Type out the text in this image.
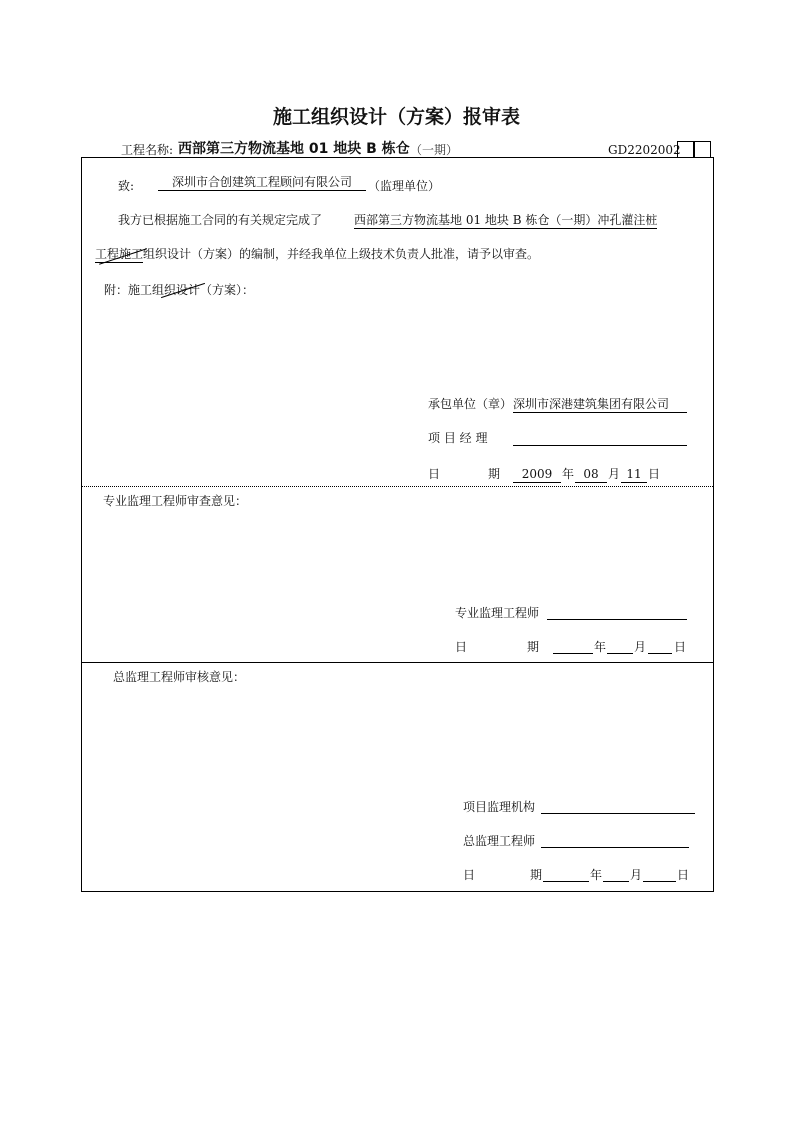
施工组织设计（方案）报审表
工程名称: 西部第三方物流基地 01 地块 B 栋仓 （一期）	GD2202002
致:	深圳市合创建筑工程顾问有限公司	（监理单位）
我方已根据施工合同的有关规定完成了	西部第三方物流基地 01 地块 B 栋仓（一期）冲孔灌注桩
工程施工 组织设计（方案）的编制，并经我单位上级技术负责人批准，请予以审查。
附：施工组织设计（方案）：
承包单位（章） 深圳市深港建筑集团有限公司
项 目 经 理
日	期	2009 年 08 月 11 日
专业监理工程师审查意见：
专业监理工程师
日	期	年 月 日
总监理工程师审核意见：
项目监理机构
总监理工程师
日	期	年 月	日
